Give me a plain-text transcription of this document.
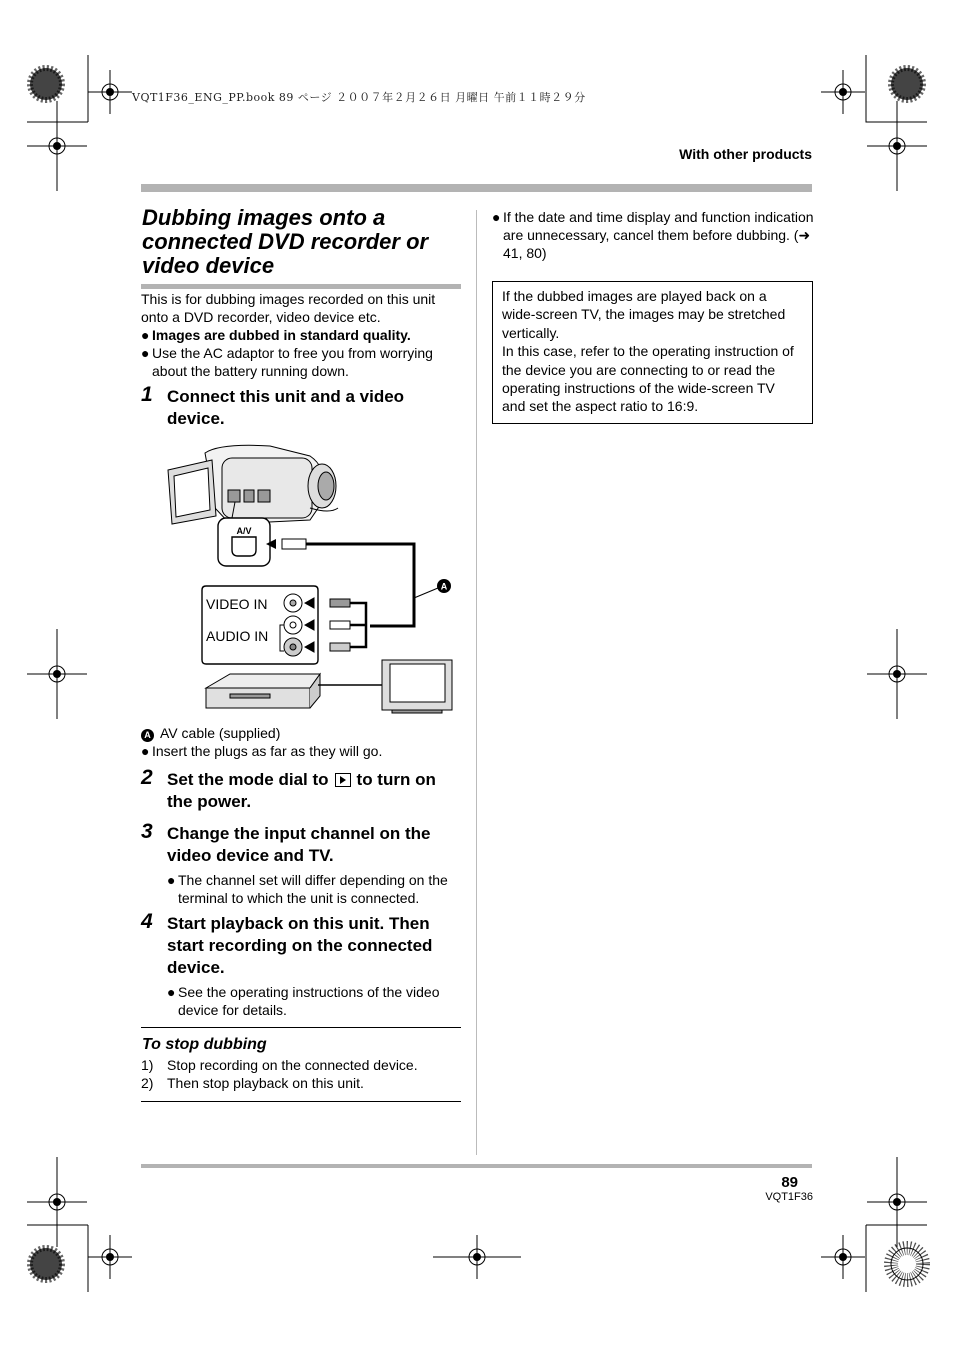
VQT1F36_ENG_PP.book 89 ページ ２００７年２月２６日 月曜日 午前１１時２９分
With other products
Dubbing images onto a connected DVD recorder or video device
This is for dubbing images recorded on this unit onto a DVD recorder, video device etc.
● Images are dubbed in standard quality.
● Use the AC adaptor to free you from worrying about the battery running down.
1 Connect this unit and a video device.
A/V
A
VIDEO IN
AUDIO IN
A AV cable (supplied)
● Insert the plugs as far as they will go.
2 Set the mode dial to to turn on the power.
3 Change the input channel on the video device and TV.
● The channel set will differ depending on the terminal to which the unit is connected.
4 Start playback on this unit. Then start recording on the connected device.
● See the operating instructions of the video device for details.
To stop dubbing
1) Stop recording on the connected device.
2) Then stop playback on this unit.
● If the date and time display and function indication are unnecessary, cancel them before dubbing. (➜ 41, 80)
If the dubbed images are played back on a wide-screen TV, the images may be stretched vertically.
In this case, refer to the operating instruction of the device you are connecting to or read the operating instructions of the wide-screen TV and set the aspect ratio to 16:9.
89
VQT1F36
